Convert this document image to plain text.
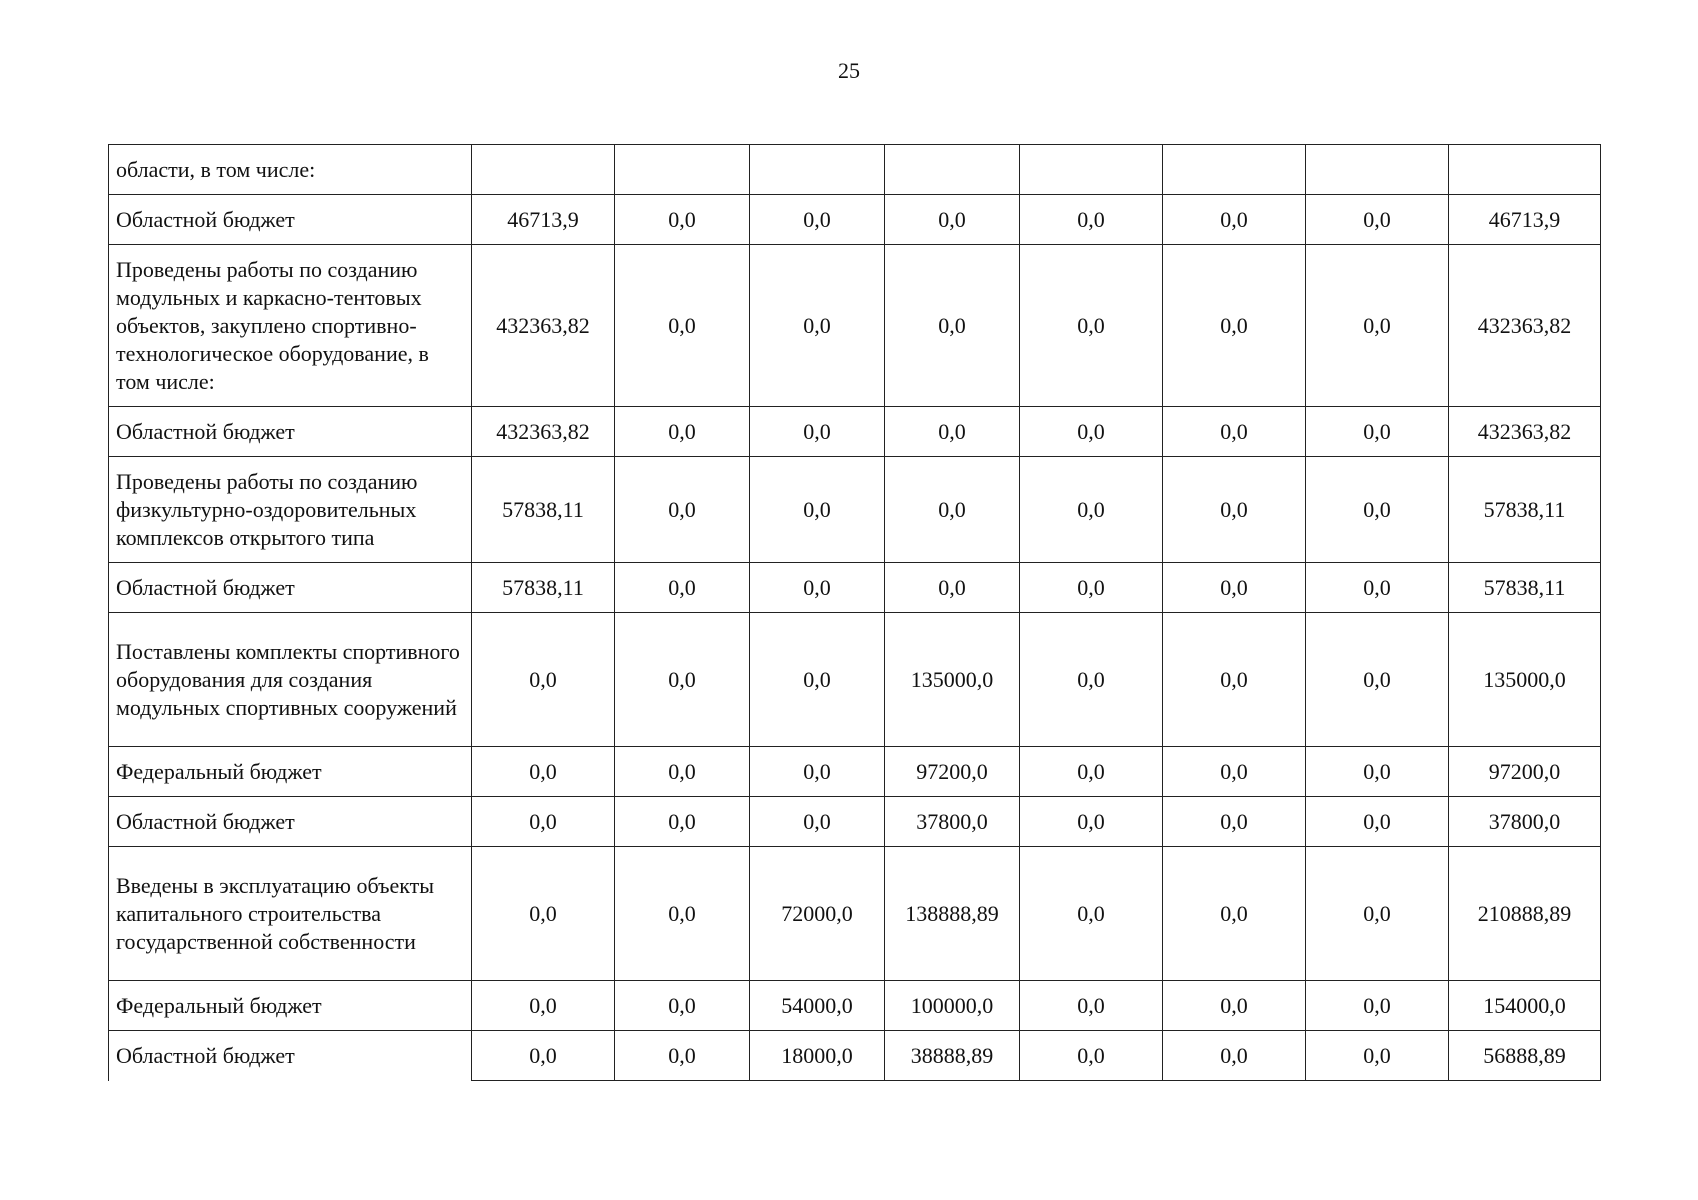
25
области, в том числе:								
Областной бюджет	46713,9	0,0	0,0	0,0	0,0	0,0	0,0	46713,9
Проведены работы по созданию модульных и каркасно-тентовых объектов, закуплено спортивно-технологическое оборудование, в том числе:	432363,82	0,0	0,0	0,0	0,0	0,0	0,0	432363,82
Областной бюджет	432363,82	0,0	0,0	0,0	0,0	0,0	0,0	432363,82
Проведены работы по созданию физкультурно-оздоровительных комплексов открытого типа	57838,11	0,0	0,0	0,0	0,0	0,0	0,0	57838,11
Областной бюджет	57838,11	0,0	0,0	0,0	0,0	0,0	0,0	57838,11
Поставлены комплекты спортивного оборудования для создания модульных спортивных сооружений	0,0	0,0	0,0	135000,0	0,0	0,0	0,0	135000,0
Федеральный бюджет	0,0	0,0	0,0	97200,0	0,0	0,0	0,0	97200,0
Областной бюджет	0,0	0,0	0,0	37800,0	0,0	0,0	0,0	37800,0
Введены в эксплуатацию объекты капитального строительства государственной собственности	0,0	0,0	72000,0	138888,89	0,0	0,0	0,0	210888,89
Федеральный бюджет	0,0	0,0	54000,0	100000,0	0,0	0,0	0,0	154000,0
Областной бюджет	0,0	0,0	18000,0	38888,89	0,0	0,0	0,0	56888,89
